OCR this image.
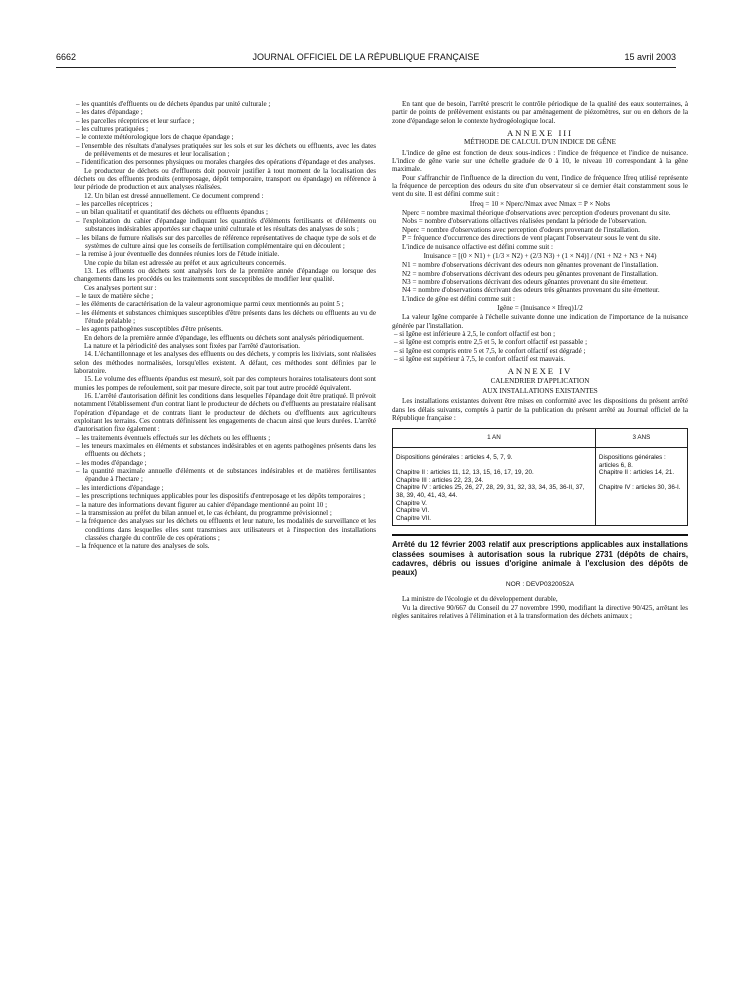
6662	JOURNAL OFFICIEL DE LA RÉPUBLIQUE FRANÇAISE	15 avril 2003

– les quantités d'effluents ou de déchets épandus par unité culturale ;

– les dates d'épandage ;

– les parcelles réceptrices et leur surface ;

– les cultures pratiquées ;

– le contexte météorologique lors de chaque épandage ;

– l'ensemble des résultats d'analyses pratiquées sur les sols et sur les déchets ou effluents, avec les dates de prélèvements et de mesures et leur localisation ;

– l'identification des personnes physiques ou morales chargées des opérations d'épandage et des analyses.

Le producteur de déchets ou d'effluents doit pouvoir justifier à tout moment de la localisation des déchets ou des effluents produits (entreposage, dépôt temporaire, transport ou épandage) en référence à leur période de production et aux analyses réalisées.

12. Un bilan est dressé annuellement. Ce document comprend :

– les parcelles réceptrices ;

– un bilan qualitatif et quantitatif des déchets ou effluents épandus ;

– l'exploitation du cahier d'épandage indiquant les quantités d'éléments fertilisants et d'éléments ou substances indésirables apportées sur chaque unité culturale et les résultats des analyses de sols ;

– les bilans de fumure réalisés sur des parcelles de référence représentatives de chaque type de sols et de systèmes de culture ainsi que les conseils de fertilisation complémentaire qui en découlent ;

– la remise à jour éventuelle des données réunies lors de l'étude initiale.

Une copie du bilan est adressée au préfet et aux agriculteurs concernés.

13. Les effluents ou déchets sont analysés lors de la première année d'épandage ou lorsque des changements dans les procédés ou les traitements sont susceptibles de modifier leur qualité.

Ces analyses portent sur :

– le taux de matière sèche ;

– les éléments de caractérisation de la valeur agronomique parmi ceux mentionnés au point 5 ;

– les éléments et substances chimiques susceptibles d'être présents dans les déchets ou effluents au vu de l'étude préalable ;

– les agents pathogènes susceptibles d'être présents.

En dehors de la première année d'épandage, les effluents ou déchets sont analysés périodiquement.

La nature et la périodicité des analyses sont fixées par l'arrêté d'autorisation.

14. L'échantillonnage et les analyses des effluents ou des déchets, y compris les lixiviats, sont réalisées selon des méthodes normalisées, lorsqu'elles existent. A défaut, ces méthodes sont définies par le laboratoire.

15. Le volume des effluents épandus est mesuré, soit par des compteurs horaires totalisateurs dont sont munies les pompes de refoulement, soit par mesure directe, soit par tout autre procédé équivalent.

16. L'arrêté d'autorisation définit les conditions dans lesquelles l'épandage doit être pratiqué. Il prévoit notamment l'établissement d'un contrat liant le producteur de déchets ou d'effluents au prestataire réalisant l'opération d'épandage et de contrats liant le producteur de déchets ou d'effluents aux agriculteurs exploitant les terrains. Ces contrats définissent les engagements de chacun ainsi que leurs durées. L'arrêté d'autorisation fixe également :

– les traitements éventuels effectués sur les déchets ou les effluents ;

– les teneurs maximales en éléments et substances indésirables et en agents pathogènes présents dans les effluents ou déchets ;

– les modes d'épandage ;

– la quantité maximale annuelle d'éléments et de substances indésirables et de matières fertilisantes épandue à l'hectare ;

– les interdictions d'épandage ;

– les prescriptions techniques applicables pour les dispositifs d'entreposage et les dépôts temporaires ;

– la nature des informations devant figurer au cahier d'épandage mentionné au point 10 ;

– la transmission au préfet du bilan annuel et, le cas échéant, du programme prévisionnel ;

– la fréquence des analyses sur les déchets ou effluents et leur nature, les modalités de surveillance et les conditions dans lesquelles elles sont transmises aux utilisateurs et à l'inspection des installations classées chargée du contrôle de ces opérations ;

– la fréquence et la nature des analyses de sols.

En tant que de besoin, l'arrêté prescrit le contrôle périodique de la qualité des eaux souterraines, à partir de points de prélèvement existants ou par aménagement de piézomètres, sur ou en dehors de la zone d'épandage selon le contexte hydrogéologique local.

ANNEXE III

MÉTHODE DE CALCUL D'UN INDICE DE GÊNE

L'indice de gêne est fonction de deux sous-indices : l'indice de fréquence et l'indice de nuisance. L'indice de gêne varie sur une échelle graduée de 0 à 10, le niveau 10 correspondant à la gêne maximale.

Pour s'affranchir de l'influence de la direction du vent, l'indice de fréquence Ifreq utilisé représente la fréquence de perception des odeurs du site d'un observateur si ce dernier était constamment sous le vent du site. Il est défini comme suit :

Ifreq = 10 × Nperc/Nmax avec Nmax = P × Nobs

Nperc = nombre maximal théorique d'observations avec perception d'odeurs provenant du site.

Nobs = nombre d'observations olfactives réalisées pendant la période de l'observation.

Nperc = nombre d'observations avec perception d'odeurs provenant de l'installation.

P = fréquence d'occurrence des directions de vent plaçant l'observateur sous le vent du site.

L'indice de nuisance olfactive est défini comme suit :

Inuisance = [(0 × N1) + (1/3 × N2) + (2/3 N3) + (1 × N4)] / (N1 + N2 + N3 + N4)

N1 = nombre d'observations décrivant des odeurs non gênantes provenant de l'installation.

N2 = nombre d'observations décrivant des odeurs peu gênantes provenant de l'installation.

N3 = nombre d'observations décrivant des odeurs gênantes provenant du site émetteur.

N4 = nombre d'observations décrivant des odeurs très gênantes provenant du site émetteur.

L'indice de gêne est défini comme suit :

Igêne = (Inuisance × Ifreq)1/2

La valeur Igêne comparée à l'échelle suivante donne une indication de l'importance de la nuisance générée par l'installation.

– si Igêne est inférieure à 2,5, le confort olfactif est bon ;

– si Igêne est compris entre 2,5 et 5, le confort olfactif est passable ;

– si Igêne est compris entre 5 et 7,5, le confort olfactif est dégradé ;

– si Igêne est supérieur à 7,5, le confort olfactif est mauvais.

ANNEXE IV

CALENDRIER D'APPLICATION

AUX INSTALLATIONS EXISTANTES

Les installations existantes doivent être mises en conformité avec les dispositions du présent arrêté dans les délais suivants, comptés à partir de la publication du présent arrêté au Journal officiel de la République française :

1 AN	3 ANS
Dispositions générales : articles 4, 5, 7, 9.	Dispositions générales : articles 6, 8.
Chapitre II : articles 11, 12, 13, 15, 16, 17, 19, 20.	Chapitre II : articles 14, 21.
Chapitre III : articles 22, 23, 24.	
Chapitre IV : articles 25, 26, 27, 28, 29, 31, 32, 33, 34, 35, 36-II, 37, 38, 39, 40, 41, 43, 44.	Chapitre IV : articles 30, 36-I.
Chapitre V.	
Chapitre VI.	
Chapitre VII.	

Arrêté du 12 février 2003 relatif aux prescriptions applicables aux installations classées soumises à autorisation sous la rubrique 2731 (dépôts de chairs, cadavres, débris ou issues d'origine animale à l'exclusion des dépôts de peaux)

NOR : DEVP0320052A

La ministre de l'écologie et du développement durable,

Vu la directive 90/667 du Conseil du 27 novembre 1990, modifiant la directive 90/425, arrêtant les règles sanitaires relatives à l'élimination et à la transformation des déchets animaux ;
